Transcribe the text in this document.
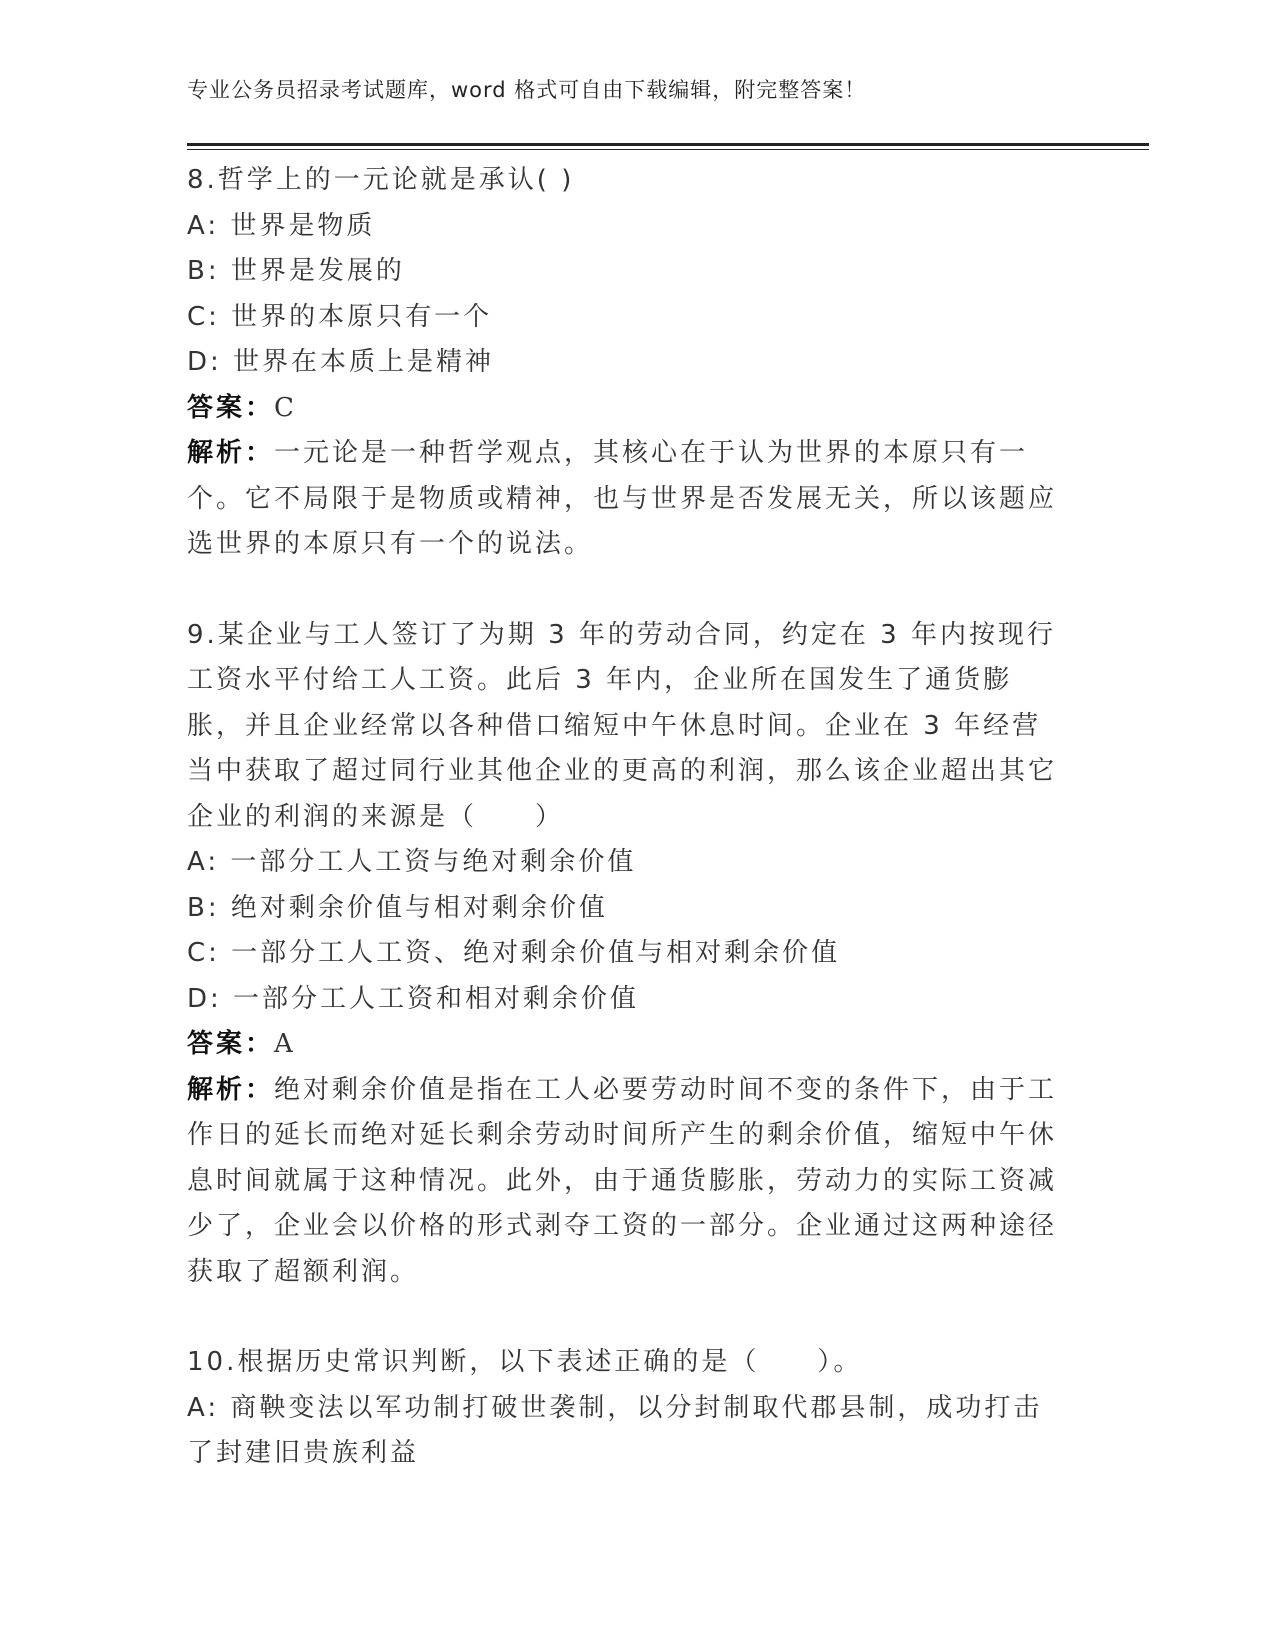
专业公务员招录考试题库，word 格式可自由下载编辑，附完整答案！
8.哲学上的一元论就是承认( )
A: 世界是物质
B: 世界是发展的
C: 世界的本原只有一个
D: 世界在本质上是精神
答案：C
解析：一元论是一种哲学观点，其核心在于认为世界的本原只有一个。它不局限于是物质或精神，也与世界是否发展无关，所以该题应选世界的本原只有一个的说法。
9.某企业与工人签订了为期 3 年的劳动合同，约定在 3 年内按现行工资水平付给工人工资。此后 3 年内，企业所在国发生了通货膨胀，并且企业经常以各种借口缩短中午休息时间。企业在 3 年经营当中获取了超过同行业其他企业的更高的利润，那么该企业超出其它企业的利润的来源是（　　）
A: 一部分工人工资与绝对剩余价值
B: 绝对剩余价值与相对剩余价值
C: 一部分工人工资、绝对剩余价值与相对剩余价值
D: 一部分工人工资和相对剩余价值
答案：A
解析：绝对剩余价值是指在工人必要劳动时间不变的条件下，由于工作日的延长而绝对延长剩余劳动时间所产生的剩余价值，缩短中午休息时间就属于这种情况。此外，由于通货膨胀，劳动力的实际工资减少了，企业会以价格的形式剥夺工资的一部分。企业通过这两种途径获取了超额利润。
10.根据历史常识判断，以下表述正确的是（　　）。
A: 商鞅变法以军功制打破世袭制，以分封制取代郡县制，成功打击了封建旧贵族利益
